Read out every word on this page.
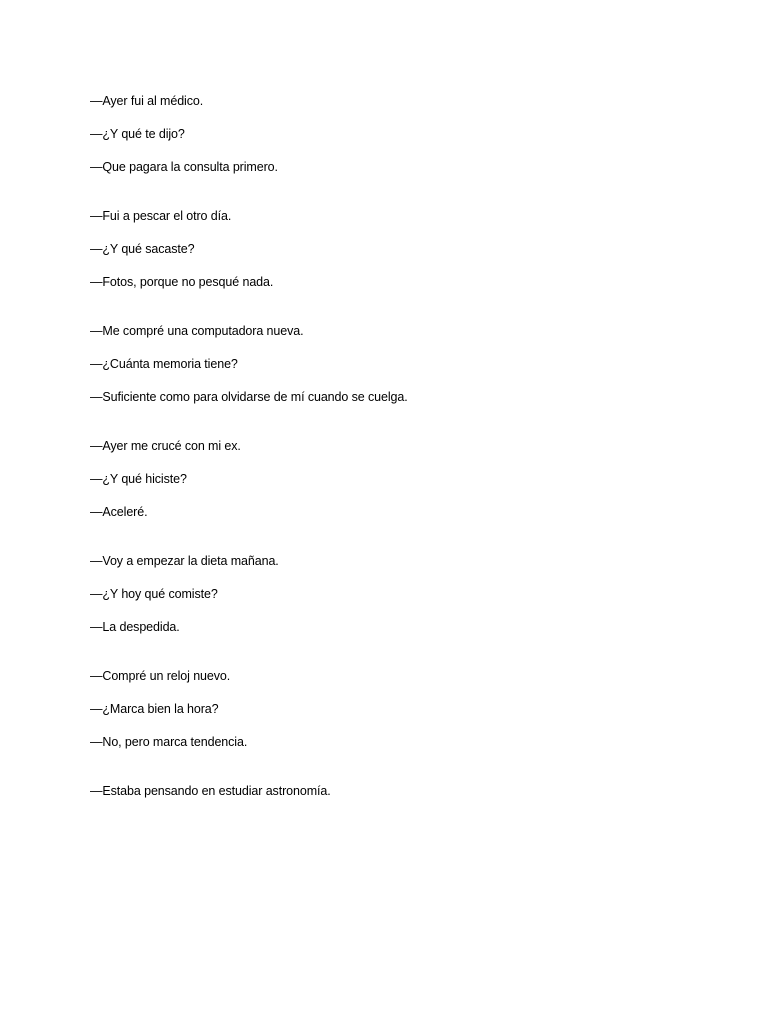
—Ayer fui al médico.
—¿Y qué te dijo?
—Que pagara la consulta primero.
—Fui a pescar el otro día.
—¿Y qué sacaste?
—Fotos, porque no pesqué nada.
—Me compré una computadora nueva.
—¿Cuánta memoria tiene?
—Suficiente como para olvidarse de mí cuando se cuelga.
—Ayer me crucé con mi ex.
—¿Y qué hiciste?
—Aceleré.
—Voy a empezar la dieta mañana.
—¿Y hoy qué comiste?
—La despedida.
—Compré un reloj nuevo.
—¿Marca bien la hora?
—No, pero marca tendencia.
—Estaba pensando en estudiar astronomía.
